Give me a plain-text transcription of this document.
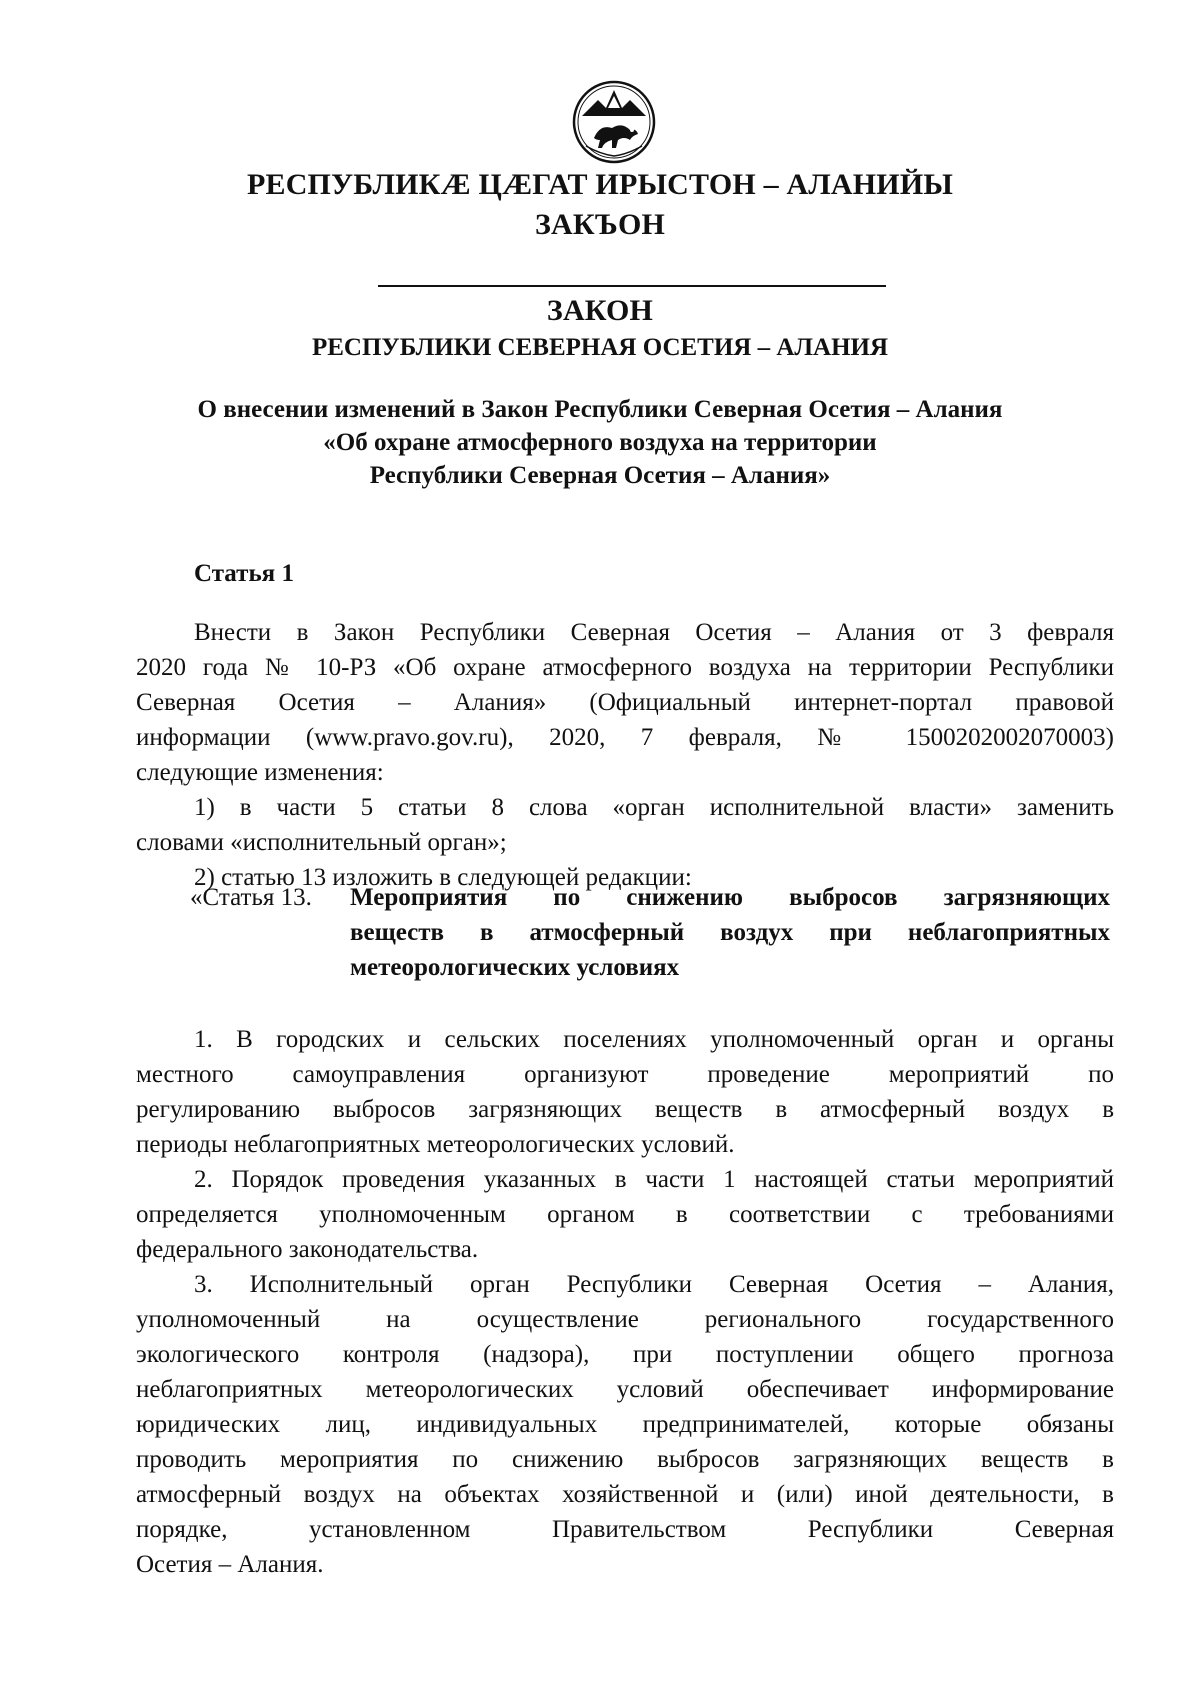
РЕСПУБЛИКӔ ЦӔГАТ ИРЫСТОН – АЛАНИЙЫ
ЗАКЪОН
ЗАКОН
РЕСПУБЛИКИ СЕВЕРНАЯ ОСЕТИЯ – АЛАНИЯ
О внесении изменений в Закон Республики Северная Осетия – Алания
«Об охране атмосферного воздуха на территории
Республики Северная Осетия – Алания»
Статья 1

Внести в Закон Республики Северная Осетия – Алания от 3 февраля

2020 года № 10-РЗ «Об охране атмосферного воздуха на территории Республики

Северная Осетия – Алания» (Официальный интернет-портал правовой

информации (www.pravo.gov.ru), 2020, 7 февраля, № 1500202002070003)

следующие изменения:

1) в части 5 статьи 8 слова «орган исполнительной власти» заменить

словами «исполнительный орган»;

2) статью 13 изложить в следующей редакции:

«Статья 13. Мероприятия по снижению выбросов загрязняющих
веществ в атмосферный воздух при неблагоприятных
метеорологических условиях

1. В городских и сельских поселениях уполномоченный орган и органы

местного самоуправления организуют проведение мероприятий по

регулированию выбросов загрязняющих веществ в атмосферный воздух в

периоды неблагоприятных метеорологических условий.

2. Порядок проведения указанных в части 1 настоящей статьи мероприятий

определяется уполномоченным органом в соответствии с требованиями

федерального законодательства.

3. Исполнительный орган Республики Северная Осетия – Алания,

уполномоченный на осуществление регионального государственного

экологического контроля (надзора), при поступлении общего прогноза

неблагоприятных метеорологических условий обеспечивает информирование

юридических лиц, индивидуальных предпринимателей, которые обязаны

проводить мероприятия по снижению выбросов загрязняющих веществ в

атмосферный воздух на объектах хозяйственной и (или) иной деятельности, в

порядке, установленном Правительством Республики Северная

Осетия – Алания.
